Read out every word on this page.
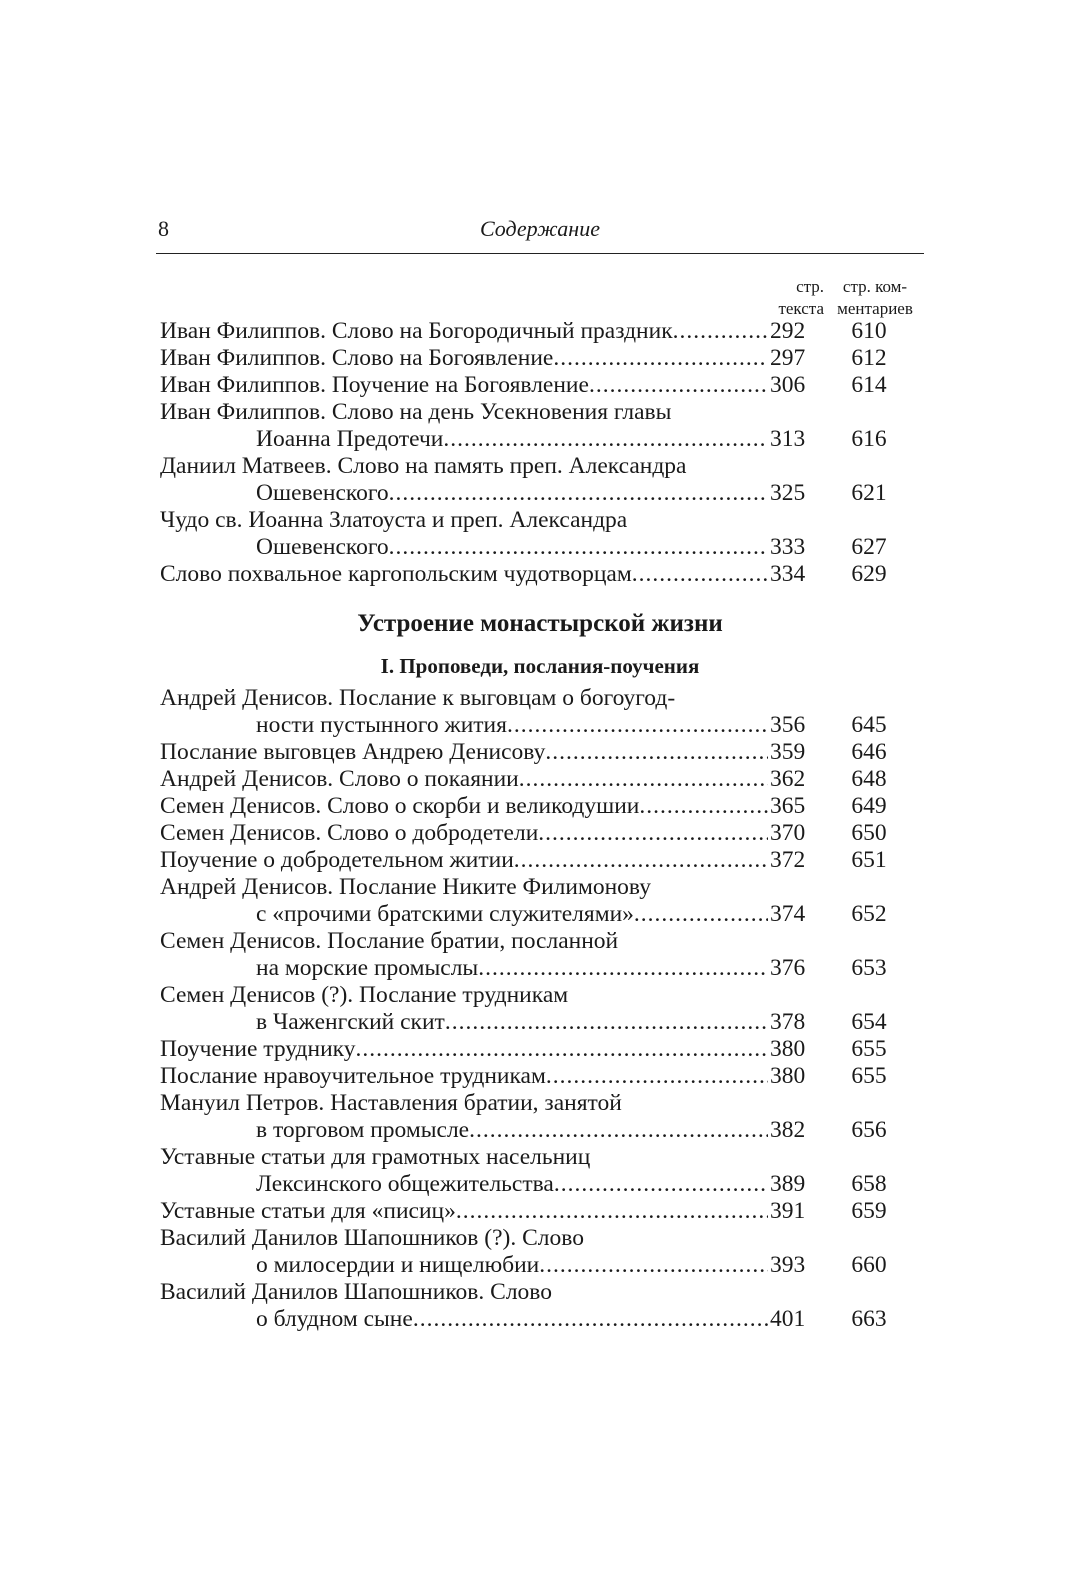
8	Содержание
стр.
текста
стр. ком-
ментариев
Иван Филиппов. Слово на Богородичный праздник .....	292	610
Иван Филиппов. Слово на Богоявление .....	297	612
Иван Филиппов. Поучение на Богоявление .....	306	614
Иван Филиппов. Слово на день Усекновения главы
Иоанна Предотечи .....	313	616
Даниил Матвеев. Слово на память преп. Александра
Ошевенского .....	325	621
Чудо св. Иоанна Златоуста и преп. Александра
Ошевенского .....	333	627
Слово похвальное каргопольским чудотворцам .....	334	629
Устроение монастырской жизни
I. Проповеди, послания-поучения
Андрей Денисов. Послание к выговцам о богоугод-
ности пустынного жития .....	356	645
Послание выговцев Андрею Денисову .....	359	646
Андрей Денисов. Слово о покаянии .....	362	648
Семен Денисов. Слово о скорби и великодушии .....	365	649
Семен Денисов. Слово о добродетели .....	370	650
Поучение о добродетельном житии .....	372	651
Андрей Денисов. Послание Никите Филимонову
с «прочими братскими служителями» .....	374	652
Семен Денисов. Послание братии, посланной
на морские промыслы .....	376	653
Семен Денисов (?). Послание трудникам
в Чаженгский скит .....	378	654
Поучение труднику .....	380	655
Послание нравоучительное трудникам .....	380	655
Мануил Петров. Наставления братии, занятой
в торговом промысле .....	382	656
Уставные статьи для грамотных насельниц
Лексинского общежительства .....	389	658
Уставные статьи для «писиц» .....	391	659
Василий Данилов Шапошников (?). Слово
о милосердии и нищелюбии .....	393	660
Василий Данилов Шапошников. Слово
о блудном сыне .....	401	663
